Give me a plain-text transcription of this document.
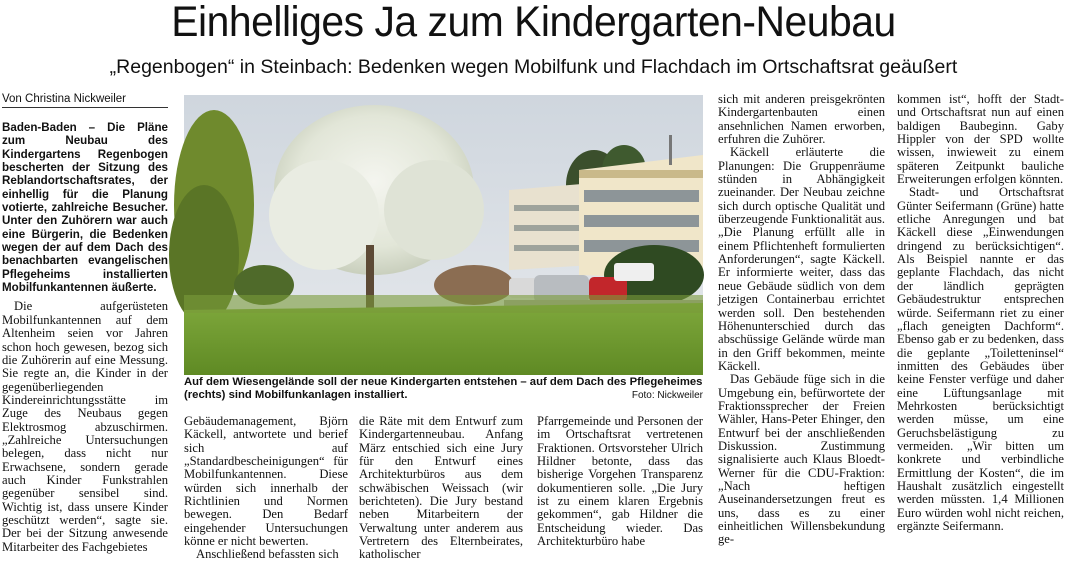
Einhelliges Ja zum Kindergarten-Neubau
„Regenbogen“ in Steinbach: Bedenken wegen Mobilfunk und Flachdach im Ortschaftsrat geäußert
Von Christina Nickweiler

Baden-Baden – Die Pläne zum Neubau des Kindergartens Regenbogen bescherten der Sitzung des Reblandortschaftsrates, der einhellig für die Planung votierte, zahlreiche Besucher. Unter den Zuhörern war auch eine Bürgerin, die Bedenken wegen der auf dem Dach des benachbarten evangelischen Pflegeheims installierten Mobilfunkantennen äußerte.

Die aufgerüsteten Mobilfunkantennen auf dem Altenheim seien vor Jahren schon hoch gewesen, bezog sich die Zuhörerin auf eine Messung. Sie regte an, die Kinder in der gegenüberliegenden Kindereinrichtungsstätte im Zuge des Neubaus gegen Elektrosmog abzuschirmen. „Zahlreiche Untersuchungen belegen, dass nicht nur Erwachsene, sondern gerade auch Kinder Funkstrahlen gegenüber sensibel sind. Wichtig ist, dass unsere Kinder geschützt werden“, sagte sie. Der bei der Sitzung anwesende Mitarbeiter des Fachgebietes

Auf dem Wiesengelände soll der neue Kindergarten entstehen – auf dem Dach des Pflegeheimes (rechts) sind Mobilfunkanlagen installiert.	Foto: Nickweiler

Gebäudemanagement, Björn Käckell, antwortete und berief sich auf „Standardbescheinigungen“ für Mobilfunkantennen. Diese würden sich innerhalb der Richtlinien und Normen bewegen. Den Bedarf eingehender Untersuchungen könne er nicht bewerten.

Anschließend befassten sich

die Räte mit dem Entwurf zum Kindergartenneubau. Anfang März entschied sich eine Jury für den Entwurf eines Architekturbüros aus dem schwäbischen Weissach (wir berichteten). Die Jury bestand neben Mitarbeitern der Verwaltung unter anderem aus Vertretern des Elternbeirates, katholischer

Pfarrgemeinde und Personen der im Ortschaftsrat vertretenen Fraktionen. Ortsvorsteher Ulrich Hildner betonte, dass das bisherige Vorgehen Transparenz dokumentieren solle. „Die Jury ist zu einem klaren Ergebnis gekommen“, gab Hildner die Entscheidung wieder. Das Architekturbüro habe

sich mit anderen preisgekrönten Kindergartenbauten einen ansehnlichen Namen erworben, erfuhren die Zuhörer.

Käckell erläuterte die Planungen: Die Gruppenräume stünden in Abhängigkeit zueinander. Der Neubau zeichne sich durch optische Qualität und überzeugende Funktionalität aus. „Die Planung erfüllt alle in einem Pflichtenheft formulierten Anforderungen“, sagte Käckell. Er informierte weiter, dass das neue Gebäude südlich von dem jetzigen Containerbau errichtet werden soll. Den bestehenden Höhenunterschied durch das abschüssige Gelände würde man in den Griff bekommen, meinte Käckell.

Das Gebäude füge sich in die Umgebung ein, befürwortete der Fraktionssprecher der Freien Wähler, Hans-Peter Ehinger, den Entwurf bei der anschließenden Diskussion. Zustimmung signalisierte auch Klaus Bloedt-Werner für die CDU-Fraktion: „Nach heftigen Auseinandersetzungen freut es uns, dass es zu einer einheitlichen Willensbekundung ge-

kommen ist“, hofft der Stadt- und Ortschaftsrat nun auf einen baldigen Baubeginn. Gaby Hippler von der SPD wollte wissen, inwieweit zu einem späteren Zeitpunkt bauliche Erweiterungen erfolgen könnten.

Stadt- und Ortschaftsrat Günter Seifermann (Grüne) hatte etliche Anregungen und bat Käckell diese „Einwendungen dringend zu berücksichtigen“. Als Beispiel nannte er das geplante Flachdach, das nicht der ländlich geprägten Gebäudestruktur entsprechen würde. Seifermann riet zu einer „flach geneigten Dachform“. Ebenso gab er zu bedenken, dass die geplante „Toiletteninsel“ inmitten des Gebäudes über keine Fenster verfüge und daher eine Lüftungsanlage mit Mehrkosten berücksichtigt werden müsse, um eine Geruchsbelästigung zu vermeiden. „Wir bitten um konkrete und verbindliche Ermittlung der Kosten“, die im Haushalt zusätzlich eingestellt werden müssten. 1,4 Millionen Euro würden wohl nicht reichen, ergänzte Seifermann.
